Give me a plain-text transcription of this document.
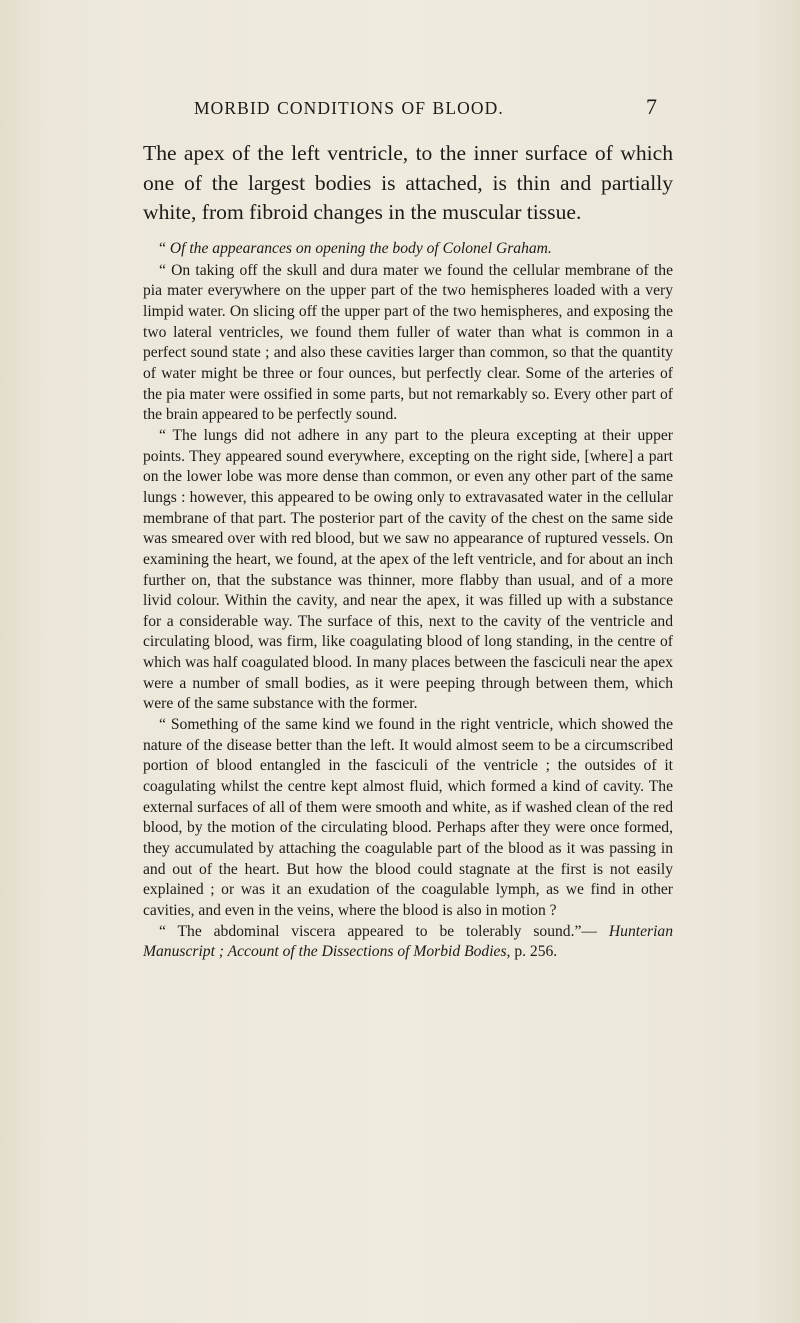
MORBID CONDITIONS OF BLOOD.	7

The apex of the left ventricle, to the inner surface of which one of the largest bodies is attached, is thin and partially white, from fibroid changes in the muscular tissue.

“ Of the appearances on opening the body of Colonel Graham.

“ On taking off the skull and dura mater we found the cellular membrane of the pia mater everywhere on the upper part of the two hemispheres loaded with a very limpid water. On slicing off the upper part of the two hemispheres, and exposing the two lateral ventricles, we found them fuller of water than what is common in a perfect sound state ; and also these cavities larger than common, so that the quantity of water might be three or four ounces, but perfectly clear. Some of the arteries of the pia mater were ossified in some parts, but not remarkably so. Every other part of the brain appeared to be perfectly sound.

“ The lungs did not adhere in any part to the pleura excepting at their upper points. They appeared sound everywhere, excepting on the right side, [where] a part on the lower lobe was more dense than common, or even any other part of the same lungs : however, this appeared to be owing only to extravasated water in the cellular membrane of that part. The posterior part of the cavity of the chest on the same side was smeared over with red blood, but we saw no appearance of ruptured vessels. On examining the heart, we found, at the apex of the left ventricle, and for about an inch further on, that the substance was thinner, more flabby than usual, and of a more livid colour. Within the cavity, and near the apex, it was filled up with a substance for a considerable way. The surface of this, next to the cavity of the ventricle and circulating blood, was firm, like coagulating blood of long standing, in the centre of which was half coagulated blood. In many places between the fasciculi near the apex were a number of small bodies, as it were peeping through between them, which were of the same substance with the former.

“ Something of the same kind we found in the right ventricle, which showed the nature of the disease better than the left. It would almost seem to be a circumscribed portion of blood entangled in the fasciculi of the ventricle ; the outsides of it coagulating whilst the centre kept almost fluid, which formed a kind of cavity. The external surfaces of all of them were smooth and white, as if washed clean of the red blood, by the motion of the circulating blood. Perhaps after they were once formed, they accumulated by attaching the coagulable part of the blood as it was passing in and out of the heart. But how the blood could stagnate at the first is not easily explained ; or was it an exudation of the coagulable lymph, as we find in other cavities, and even in the veins, where the blood is also in motion ?

“ The abdominal viscera appeared to be tolerably sound.”— Hunterian Manuscript ; Account of the Dissections of Morbid Bodies, p. 256.
